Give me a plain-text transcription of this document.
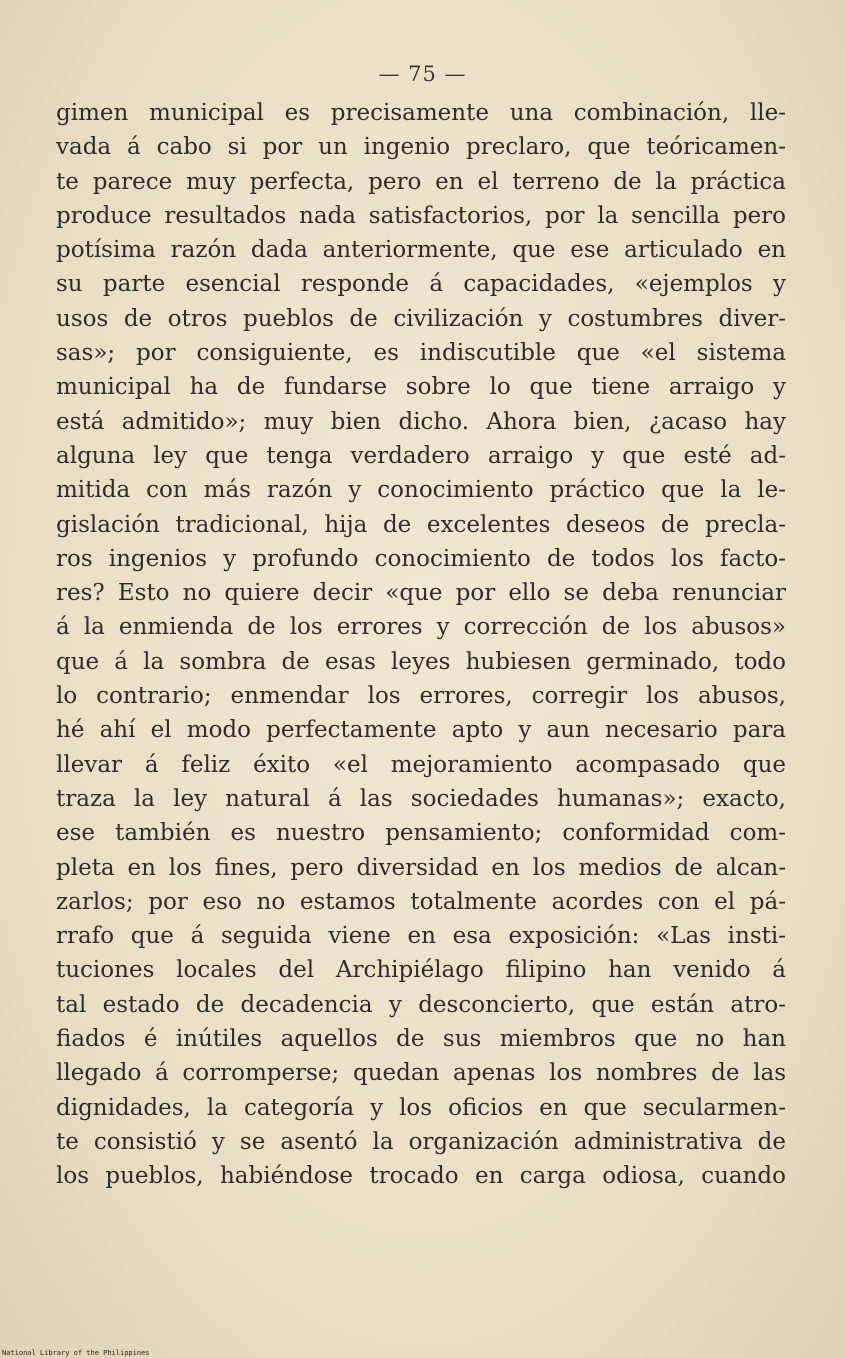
— 75 —
gimen municipal es precisamente una combinación, lle-
vada á cabo si por un ingenio preclaro, que teóricamen-
te parece muy perfecta, pero en el terreno de la práctica
produce resultados nada satisfactorios, por la sencilla pero
potísima razón dada anteriormente, que ese articulado en
su parte esencial responde á capacidades, «ejemplos y
usos de otros pueblos de civilización y costumbres diver-
sas»; por consiguiente, es indiscutible que «el sistema
municipal ha de fundarse sobre lo que tiene arraigo y
está admitido»; muy bien dicho. Ahora bien, ¿acaso hay
alguna ley que tenga verdadero arraigo y que esté ad-
mitida con más razón y conocimiento práctico que la le-
gislación tradicional, hija de excelentes deseos de precla-
ros ingenios y profundo conocimiento de todos los facto-
res? Esto no quiere decir «que por ello se deba renunciar
á la enmienda de los errores y corrección de los abusos»
que á la sombra de esas leyes hubiesen germinado, todo
lo contrario; enmendar los errores, corregir los abusos,
hé ahí el modo perfectamente apto y aun necesario para
llevar á feliz éxito «el mejoramiento acompasado que
traza la ley natural á las sociedades humanas»; exacto,
ese también es nuestro pensamiento; conformidad com-
pleta en los fines, pero diversidad en los medios de alcan-
zarlos; por eso no estamos totalmente acordes con el pá-
rrafo que á seguida viene en esa exposición: «Las insti-
tuciones locales del Archipiélago filipino han venido á
tal estado de decadencia y desconcierto, que están atro-
fiados é inútiles aquellos de sus miembros que no han
llegado á corromperse; quedan apenas los nombres de las
dignidades, la categoría y los oficios en que secularmen-
te consistió y se asentó la organización administrativa de
los pueblos, habiéndose trocado en carga odiosa, cuando
National Library of the Philippines
